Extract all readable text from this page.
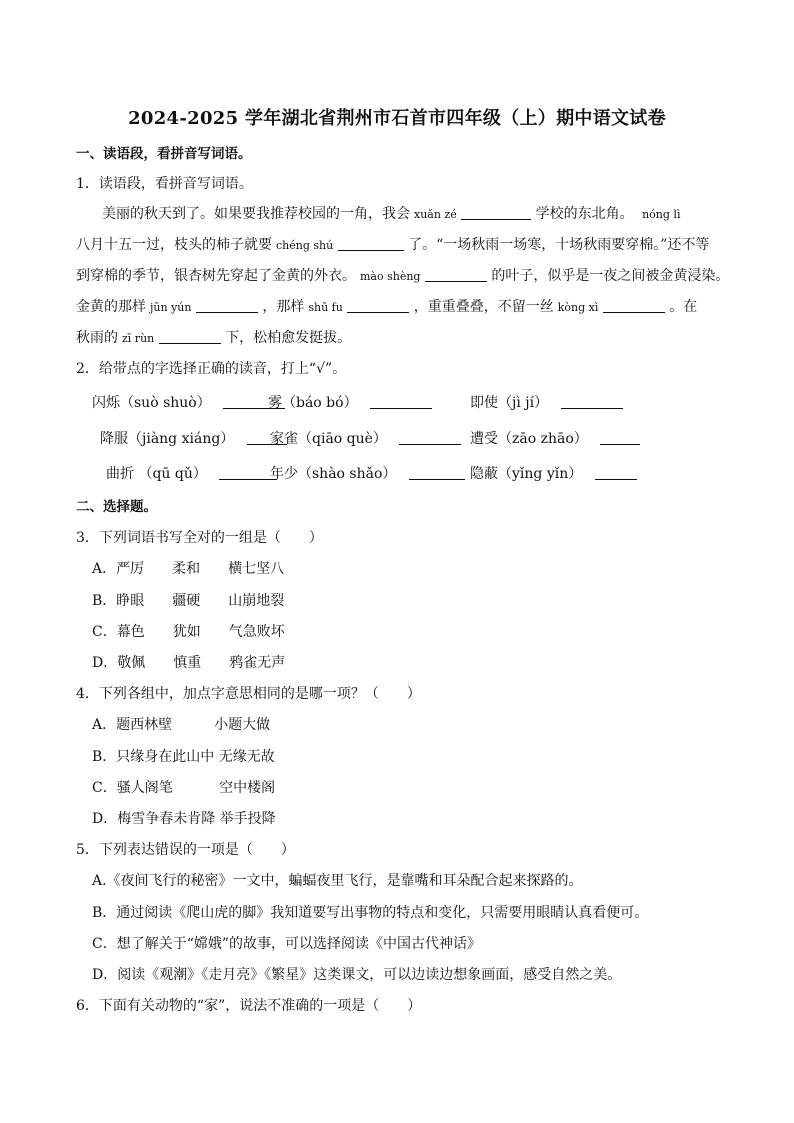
2024-2025 学年湖北省荆州市石首市四年级（上）期中语文试卷
一、读语段，看拼音写词语。
1．读语段，看拼音写词语。
美丽的秋天到了。如果要我推荐校园的一角，我会 xuǎn zé	学校的东北角。 nóng lì
八月十五一过，枝头的柿子就要 chéng shú	了。“一场秋雨一场寒，十场秋雨要穿棉。”还不等
到穿棉的季节，银杏树先穿起了金黄的外衣。 mào shèng	的叶子，似乎是一夜之间被金黄浸染。
金黄的那样 jūn yún	，那样 shū fu	，重重叠叠，不留一丝 kòng xì	。在
秋雨的 zī rùn	下，松柏愈发挺拔。
2．给带点的字选择正确的读音，打上“√”。
闪烁（suò shuò）	雾（báo bó）	即使（jì jí）
降服（jiàng xiáng）	家雀（qiāo què）	遭受（zāo zhāo）
曲折 （qū qǔ）	年少（shào shǎo）	隐蔽（yǐng yǐn）
二、选择题。
3．下列词语书写全对的一组是（　　）
A．严厉　　柔和　　横七坚八
B．睁眼　　疆硬　　山崩地裂
C．幕色　　犹如　　气急败坏
D．敬佩　　慎重　　鸦雀无声
4．下列各组中，加点字意思相同的是哪一项？（　　）
A．题西林壁　　　小题大做
B．只缘身在此山中 无缘无故
C．骚人阁笔　　　 空中楼阁
D．梅雪争春未肯降 举手投降
5．下列表达错误的一项是（　　）
A.《夜间飞行的秘密》一文中，蝙蝠夜里飞行，是靠嘴和耳朵配合起来探路的。
B．通过阅读《爬山虎的脚》我知道要写出事物的特点和变化，只需要用眼睛认真看便可。
C．想了解关于“嫦娥”的故事，可以选择阅读《中国古代神话》
D．阅读《观潮》《走月亮》《繁星》这类课文，可以边读边想象画面，感受自然之美。
6．下面有关动物的“家”，说法不准确的一项是（　　）
